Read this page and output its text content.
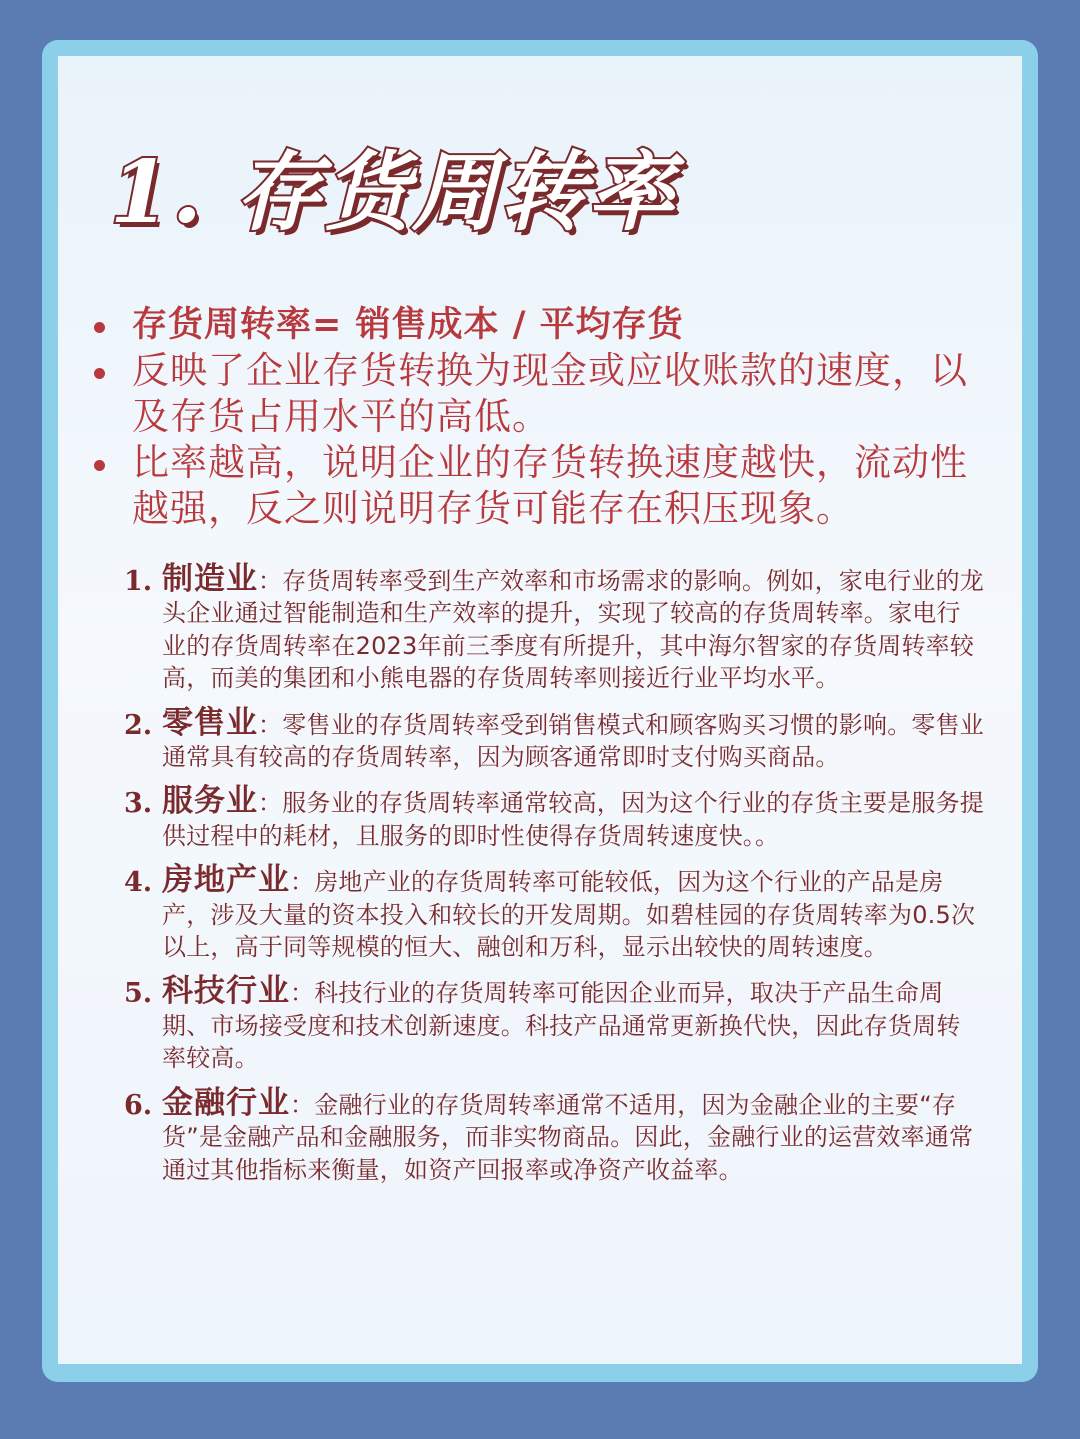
1. 存货周转率
存货周转率= 销售成本 / 平均存货
反映了企业存货转换为现金或应收账款的速度，以及存货占用水平的高低。
比率越高，说明企业的存货转换速度越快，流动性越强，反之则说明存货可能存在积压现象。
1. 制造业：存货周转率受到生产效率和市场需求的影响。例如，家电行业的龙头企业通过智能制造和生产效率的提升，实现了较高的存货周转率。家电行业的存货周转率在2023年前三季度有所提升，其中海尔智家的存货周转率较高，而美的集团和小熊电器的存货周转率则接近行业平均水平。
2. 零售业：零售业的存货周转率受到销售模式和顾客购买习惯的影响。零售业通常具有较高的存货周转率，因为顾客通常即时支付购买商品。
3. 服务业：服务业的存货周转率通常较高，因为这个行业的存货主要是服务提供过程中的耗材，且服务的即时性使得存货周转速度快。。
4. 房地产业：房地产业的存货周转率可能较低，因为这个行业的产品是房产，涉及大量的资本投入和较长的开发周期。如碧桂园的存货周转率为0.5次以上，高于同等规模的恒大、融创和万科，显示出较快的周转速度。
5. 科技行业：科技行业的存货周转率可能因企业而异，取决于产品生命周期、市场接受度和技术创新速度。科技产品通常更新换代快，因此存货周转率较高。
6. 金融行业：金融行业的存货周转率通常不适用，因为金融企业的主要“存货”是金融产品和金融服务，而非实物商品。因此，金融行业的运营效率通常通过其他指标来衡量，如资产回报率或净资产收益率。
